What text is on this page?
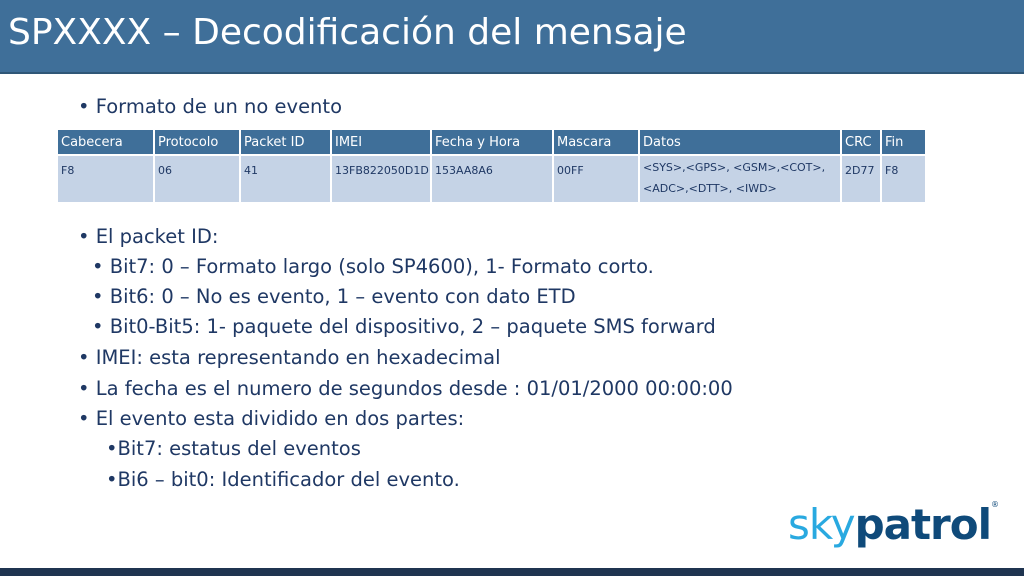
SPXXXX – Decodificación del mensaje
• Formato de un no evento
Cabecera	Protocolo	Packet ID	IMEI	Fecha y Hora	Mascara	Datos	CRC	Fin
F8	06	41	13FB822050D1D	153AA8A6	00FF	<SYS>,<GPS>, <GSM>,<COT>, <ADC>,<DTT>, <IWD>	2D77	F8
• El packet ID:
• Bit7: 0 – Formato largo (solo SP4600), 1- Formato corto.
• Bit6: 0 – No es evento, 1 – evento con dato ETD
• Bit0-Bit5: 1- paquete del dispositivo, 2 – paquete SMS forward
• IMEI: esta representando en hexadecimal
• La fecha es el numero de segundos desde : 01/01/2000 00:00:00
• El evento esta dividido en dos partes:
•Bit7: estatus del eventos
•Bi6 – bit0: Identificador del evento.
skypatrol®
